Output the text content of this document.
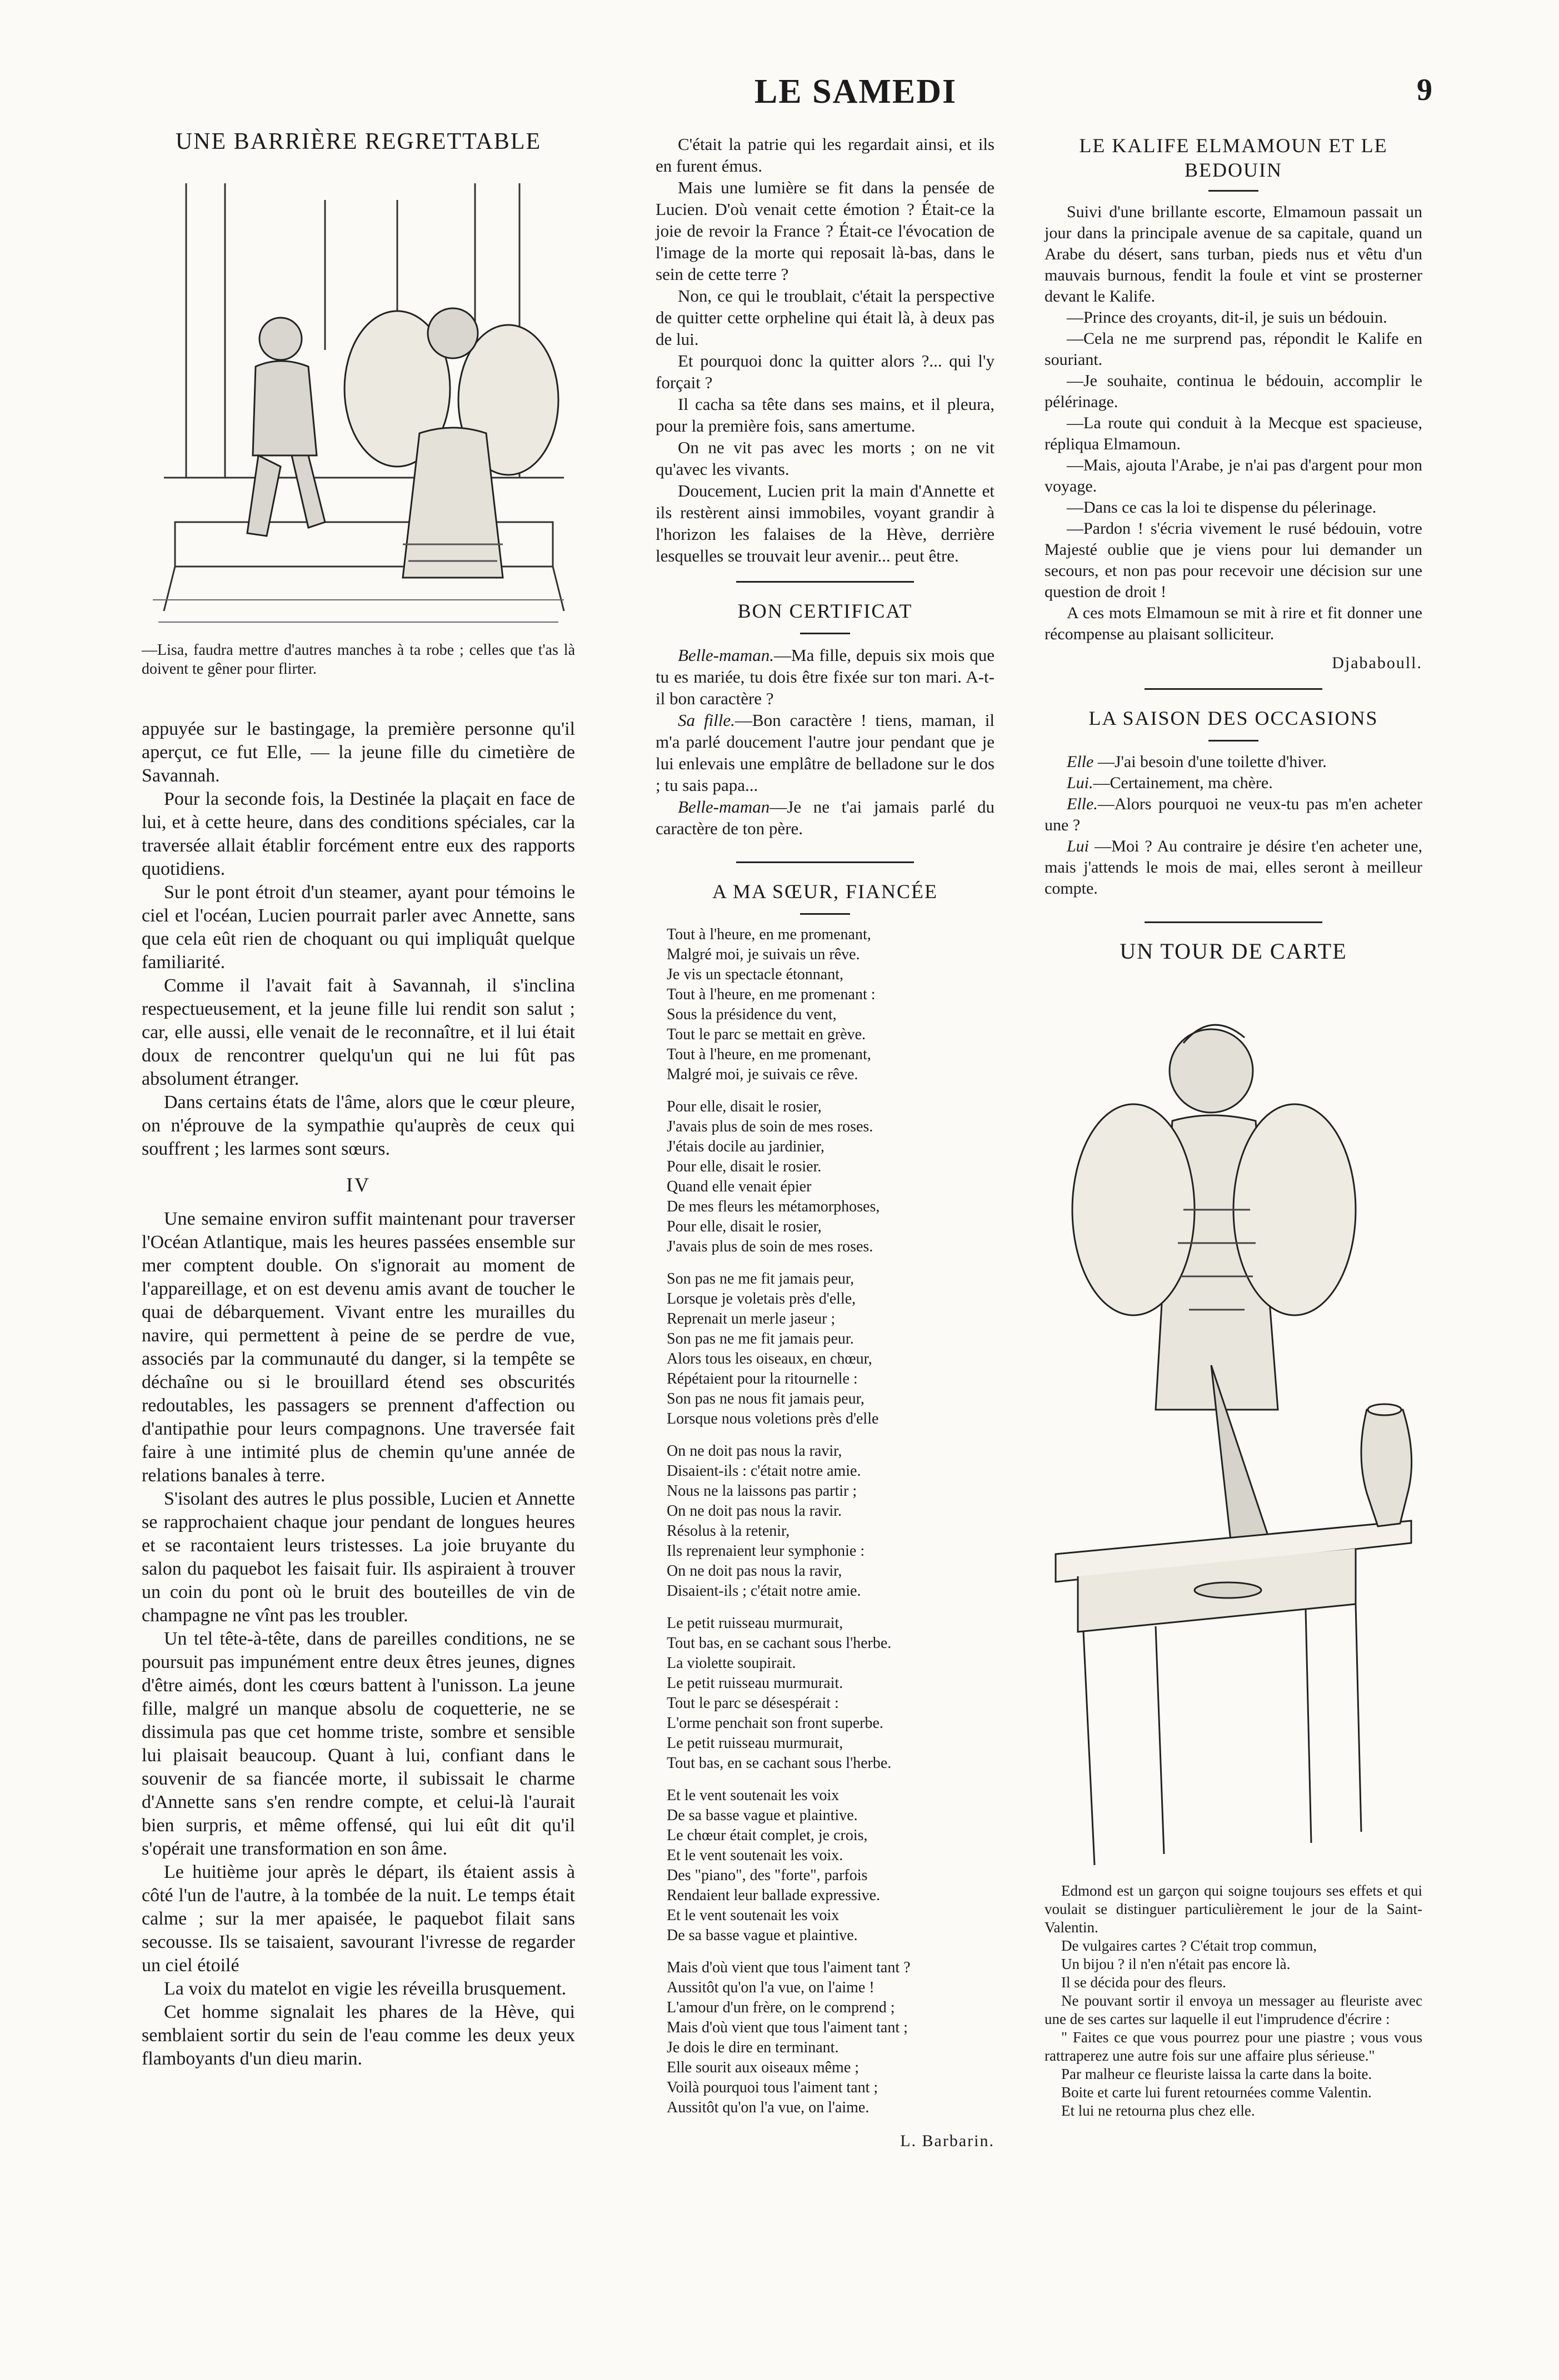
LE SAMEDI	9
UNE BARRIÈRE REGRETTABLE
—Lisa, faudra mettre d'autres manches à ta robe ; celles que t'as là doivent te gêner pour flirter.

appuyée sur le bastingage, la première personne qu'il aperçut, ce fut Elle, — la jeune fille du cimetière de Savannah.

Pour la seconde fois, la Destinée la plaçait en face de lui, et à cette heure, dans des conditions spéciales, car la traversée allait établir forcément entre eux des rapports quotidiens.

Sur le pont étroit d'un steamer, ayant pour témoins le ciel et l'océan, Lucien pourrait parler avec Annette, sans que cela eût rien de choquant ou qui impliquât quelque familiarité.

Comme il l'avait fait à Savannah, il s'inclina respectueusement, et la jeune fille lui rendit son salut ; car, elle aussi, elle venait de le reconnaître, et il lui était doux de rencontrer quelqu'un qui ne lui fût pas absolument étranger.

Dans certains états de l'âme, alors que le cœur pleure, on n'éprouve de la sympathie qu'auprès de ceux qui souffrent ; les larmes sont sœurs.

IV

Une semaine environ suffit maintenant pour traverser l'Océan Atlantique, mais les heures passées ensemble sur mer comptent double. On s'ignorait au moment de l'appareillage, et on est devenu amis avant de toucher le quai de débarquement. Vivant entre les murailles du navire, qui permettent à peine de se perdre de vue, associés par la communauté du danger, si la tempête se déchaîne ou si le brouillard étend ses obscurités redoutables, les passagers se prennent d'affection ou d'antipathie pour leurs compagnons. Une traversée fait faire à une intimité plus de chemin qu'une année de relations banales à terre.

S'isolant des autres le plus possible, Lucien et Annette se rapprochaient chaque jour pendant de longues heures et se racontaient leurs tristesses. La joie bruyante du salon du paquebot les faisait fuir. Ils aspiraient à trouver un coin du pont où le bruit des bouteilles de vin de champagne ne vînt pas les troubler.

Un tel tête-à-tête, dans de pareilles conditions, ne se poursuit pas impunément entre deux êtres jeunes, dignes d'être aimés, dont les cœurs battent à l'unisson. La jeune fille, malgré un manque absolu de coquetterie, ne se dissimula pas que cet homme triste, sombre et sensible lui plaisait beaucoup. Quant à lui, confiant dans le souvenir de sa fiancée morte, il subissait le charme d'Annette sans s'en rendre compte, et celui-là l'aurait bien surpris, et même offensé, qui lui eût dit qu'il s'opérait une transformation en son âme.

Le huitième jour après le départ, ils étaient assis à côté l'un de l'autre, à la tombée de la nuit. Le temps était calme ; sur la mer apaisée, le paquebot filait sans secousse. Ils se taisaient, savourant l'ivresse de regarder un ciel étoilé

La voix du matelot en vigie les réveilla brusquement.

Cet homme signalait les phares de la Hève, qui semblaient sortir du sein de l'eau comme les deux yeux flamboyants d'un dieu marin.

C'était la patrie qui les regardait ainsi, et ils en furent émus.

Mais une lumière se fit dans la pensée de Lucien. D'où venait cette émotion ? Était-ce la joie de revoir la France ? Était-ce l'évocation de l'image de la morte qui reposait là-bas, dans le sein de cette terre ?

Non, ce qui le troublait, c'était la perspective de quitter cette orpheline qui était là, à deux pas de lui.

Et pourquoi donc la quitter alors ?... qui l'y forçait ?

Il cacha sa tête dans ses mains, et il pleura, pour la première fois, sans amertume.

On ne vit pas avec les morts ; on ne vit qu'avec les vivants.

Doucement, Lucien prit la main d'Annette et ils restèrent ainsi immobiles, voyant grandir à l'horizon les falaises de la Hève, derrière lesquelles se trouvait leur avenir... peut être.

BON CERTIFICAT

Belle-maman.—Ma fille, depuis six mois que tu es mariée, tu dois être fixée sur ton mari. A-t-il bon caractère ?

Sa fille.—Bon caractère ! tiens, maman, il m'a parlé doucement l'autre jour pendant que je lui enlevais une emplâtre de belladone sur le dos ; tu sais papa...

Belle-maman—Je ne t'ai jamais parlé du caractère de ton père.

A MA SŒUR, FIANCÉE
Tout à l'heure, en me promenant,
Malgré moi, je suivais un rêve.
Je vis un spectacle étonnant,
Tout à l'heure, en me promenant :
Sous la présidence du vent,
Tout le parc se mettait en grève.
Tout à l'heure, en me promenant,
Malgré moi, je suivais ce rêve.
Pour elle, disait le rosier,
J'avais plus de soin de mes roses.
J'étais docile au jardinier,
Pour elle, disait le rosier.
Quand elle venait épier
De mes fleurs les métamorphoses,
Pour elle, disait le rosier,
J'avais plus de soin de mes roses.
Son pas ne me fit jamais peur,
Lorsque je voletais près d'elle,
Reprenait un merle jaseur ;
Son pas ne me fit jamais peur.
Alors tous les oiseaux, en chœur,
Répétaient pour la ritournelle :
Son pas ne nous fit jamais peur,
Lorsque nous voletions près d'elle
On ne doit pas nous la ravir,
Disaient-ils : c'était notre amie.
Nous ne la laissons pas partir ;
On ne doit pas nous la ravir.
Résolus à la retenir,
Ils reprenaient leur symphonie :
On ne doit pas nous la ravir,
Disaient-ils ; c'était notre amie.
Le petit ruisseau murmurait,
Tout bas, en se cachant sous l'herbe.
La violette soupirait.
Le petit ruisseau murmurait.
Tout le parc se désespérait :
L'orme penchait son front superbe.
Le petit ruisseau murmurait,
Tout bas, en se cachant sous l'herbe.
Et le vent soutenait les voix
De sa basse vague et plaintive.
Le chœur était complet, je crois,
Et le vent soutenait les voix.
Des "piano", des "forte", parfois
Rendaient leur ballade expressive.
Et le vent soutenait les voix
De sa basse vague et plaintive.
Mais d'où vient que tous l'aiment tant ?
Aussitôt qu'on l'a vue, on l'aime !
L'amour d'un frère, on le comprend ;
Mais d'où vient que tous l'aiment tant ;
Je dois le dire en terminant.
Elle sourit aux oiseaux même ;
Voilà pourquoi tous l'aiment tant ;
Aussitôt qu'on l'a vue, on l'aime.
L. Barbarin.
LE KALIFE ELMAMOUN ET LE BEDOUIN

Suivi d'une brillante escorte, Elmamoun passait un jour dans la principale avenue de sa capitale, quand un Arabe du désert, sans turban, pieds nus et vêtu d'un mauvais burnous, fendit la foule et vint se prosterner devant le Kalife.

—Prince des croyants, dit-il, je suis un bédouin.

—Cela ne me surprend pas, répondit le Kalife en souriant.

—Je souhaite, continua le bédouin, accomplir le pélérinage.

—La route qui conduit à la Mecque est spacieuse, répliqua Elmamoun.

—Mais, ajouta l'Arabe, je n'ai pas d'argent pour mon voyage.

—Dans ce cas la loi te dispense du pélerinage.

—Pardon ! s'écria vivement le rusé bédouin, votre Majesté oublie que je viens pour lui demander un secours, et non pas pour recevoir une décision sur une question de droit !

A ces mots Elmamoun se mit à rire et fit donner une récompense au plaisant solliciteur.

Djababoull.
LA SAISON DES OCCASIONS

Elle —J'ai besoin d'une toilette d'hiver.

Lui.—Certainement, ma chère.

Elle.—Alors pourquoi ne veux-tu pas m'en acheter une ?

Lui —Moi ? Au contraire je désire t'en acheter une, mais j'attends le mois de mai, elles seront à meilleur compte.

UN TOUR DE CARTE

Edmond est un garçon qui soigne toujours ses effets et qui voulait se distinguer particulièrement le jour de la Saint-Valentin.

De vulgaires cartes ? C'était trop commun,

Un bijou ? il n'en n'était pas encore là.

Il se décida pour des fleurs.

Ne pouvant sortir il envoya un messager au fleuriste avec une de ses cartes sur laquelle il eut l'imprudence d'écrire :

" Faites ce que vous pourrez pour une piastre ; vous vous rattraperez une autre fois sur une affaire plus sérieuse."

Par malheur ce fleuriste laissa la carte dans la boite.

Boite et carte lui furent retournées comme Valentin.

Et lui ne retourna plus chez elle.
